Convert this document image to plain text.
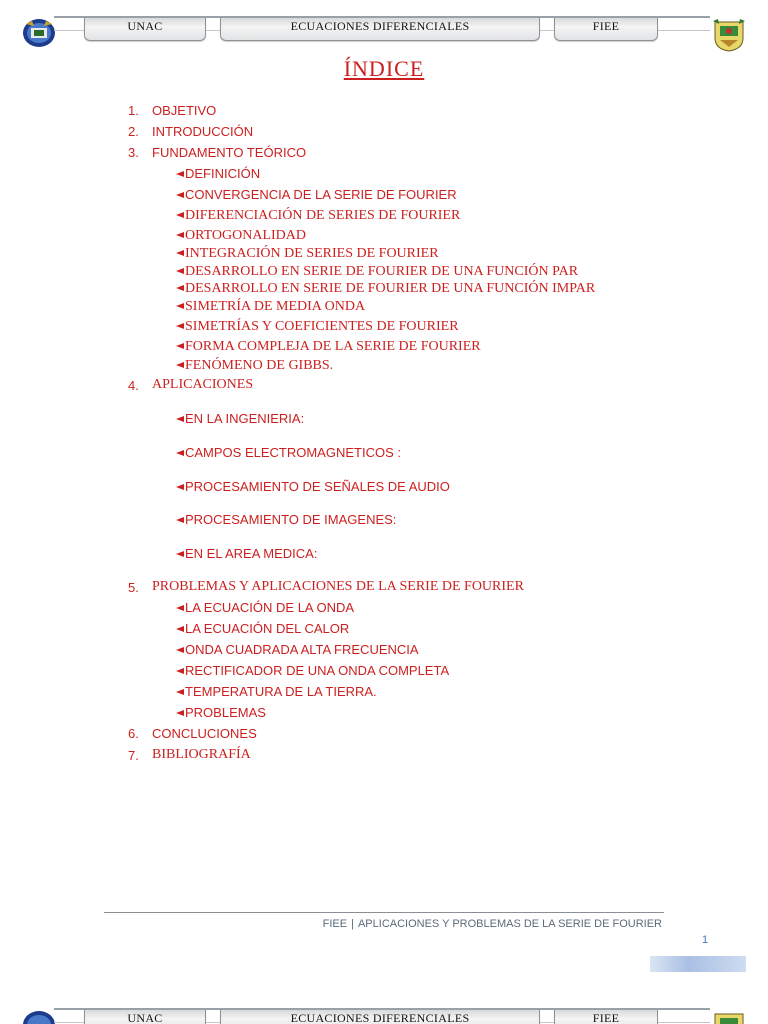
UNAC	ECUACIONES DIFERENCIALES	FIEE
ÍNDICE
1. OBJETIVO
2. INTRODUCCIÓN
3. FUNDAMENTO TEÓRICO
DEFINICIÓN
CONVERGENCIA DE LA SERIE DE FOURIER
DIFERENCIACIÓN DE SERIES DE FOURIER
ORTOGONALIDAD
INTEGRACIÓN DE SERIES DE FOURIER
DESARROLLO EN SERIE DE FOURIER DE UNA FUNCIÓN PAR
DESARROLLO EN SERIE DE FOURIER DE UNA FUNCIÓN IMPAR
SIMETRÍA DE MEDIA ONDA
SIMETRÍAS Y COEFICIENTES DE FOURIER
FORMA COMPLEJA DE LA SERIE DE FOURIER
FENÓMENO DE GIBBS.
4. APLICACIONES
EN LA INGENIERIA:
CAMPOS ELECTROMAGNETICOS :
PROCESAMIENTO DE SEÑALES DE AUDIO
PROCESAMIENTO DE IMAGENES:
EN EL AREA MEDICA:
5. PROBLEMAS Y APLICACIONES DE LA SERIE DE FOURIER
LA ECUACIÓN DE LA ONDA
LA ECUACIÓN DEL CALOR
ONDA CUADRADA ALTA FRECUENCIA
RECTIFICADOR DE UNA ONDA COMPLETA
TEMPERATURA DE LA TIERRA.
PROBLEMAS
6. CONCLUCIONES
7. BIBLIOGRAFÍA
FIEE | APLICACIONES Y PROBLEMAS DE LA SERIE DE FOURIER
1
UNAC	ECUACIONES DIFERENCIALES	FIEE
